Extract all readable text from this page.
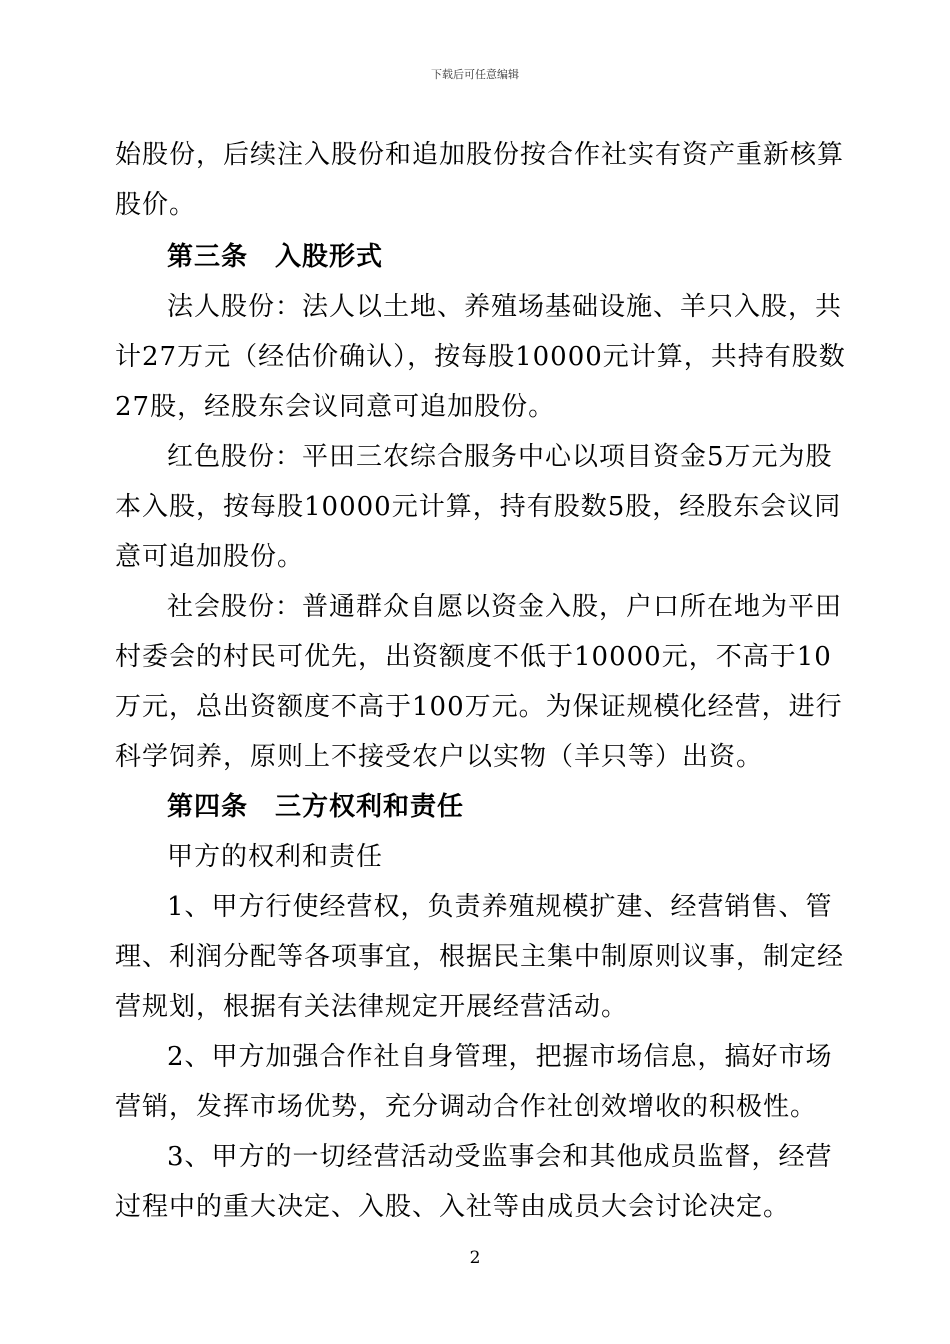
下载后可任意编辑

始股份，后续注入股份和追加股份按合作社实有资产重新核算股价。

第三条　入股形式

法人股份：法人以土地、养殖场基础设施、羊只入股，共计27万元（经估价确认），按每股10000元计算，共持有股数27股，经股东会议同意可追加股份。

红色股份：平田三农综合服务中心以项目资金5万元为股本入股，按每股10000元计算，持有股数5股，经股东会议同意可追加股份。

社会股份：普通群众自愿以资金入股，户口所在地为平田村委会的村民可优先，出资额度不低于10000元，不高于10万元，总出资额度不高于100万元。为保证规模化经营，进行科学饲养，原则上不接受农户以实物（羊只等）出资。

第四条　三方权利和责任

甲方的权利和责任

1、甲方行使经营权，负责养殖规模扩建、经营销售、管理、利润分配等各项事宜，根据民主集中制原则议事，制定经营规划，根据有关法律规定开展经营活动。

2、甲方加强合作社自身管理，把握市场信息，搞好市场营销，发挥市场优势，充分调动合作社创效增收的积极性。

3、甲方的一切经营活动受监事会和其他成员监督，经营过程中的重大决定、入股、入社等由成员大会讨论决定。

2
